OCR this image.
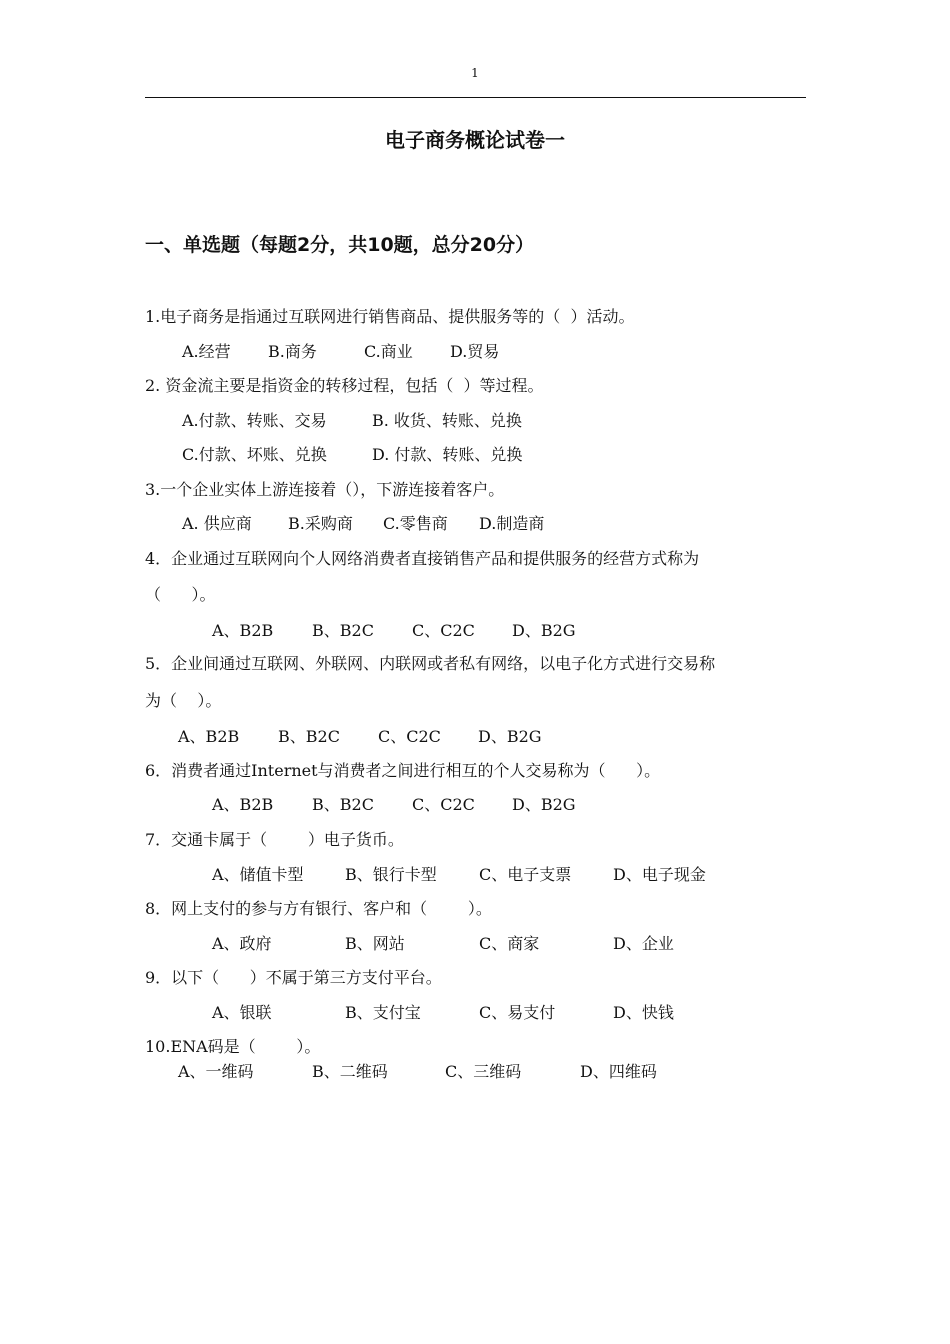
1
电子商务概论试卷一
一、单选题（每题2分，共10题，总分20分）
1.电子商务是指通过互联网进行销售商品、提供服务等的（  ）活动。
A.经营 B.商务	C.商业 D.贸易
2. 资金流主要是指资金的转移过程，包括（  ）等过程。
A.付款、转账、交易	B. 收货、转账、兑换
C.付款、坏账、兑换	D. 付款、转账、兑换
3.一个企业实体上游连接着（），下游连接着客户。
A. 供应商 B.采购商 C.零售商 D.制造商
4．企业通过互联网向个人网络消费者直接销售产品和提供服务的经营方式称为
（      ）。
A、B2B B、B2C C、C2C D、B2G
5．企业间通过互联网、外联网、内联网或者私有网络，以电子化方式进行交易称
为（    ）。
A、B2B B、B2C C、C2C D、B2G
6．消费者通过Internet与消费者之间进行相互的个人交易称为（      ）。
A、B2B B、B2C C、C2C D、B2G
7．交通卡属于（        ）电子货币。
A、储值卡型	B、银行卡型	C、电子支票	D、电子现金
8．网上支付的参与方有银行、客户和（        ）。
A、政府	B、网站	C、商家	D、企业
9．以下（      ）不属于第三方支付平台。
A、银联	B、支付宝	C、易支付	D、快钱
10.ENA码是（        ）。
A、一维码	B、二维码	C、三维码	D、四维码
